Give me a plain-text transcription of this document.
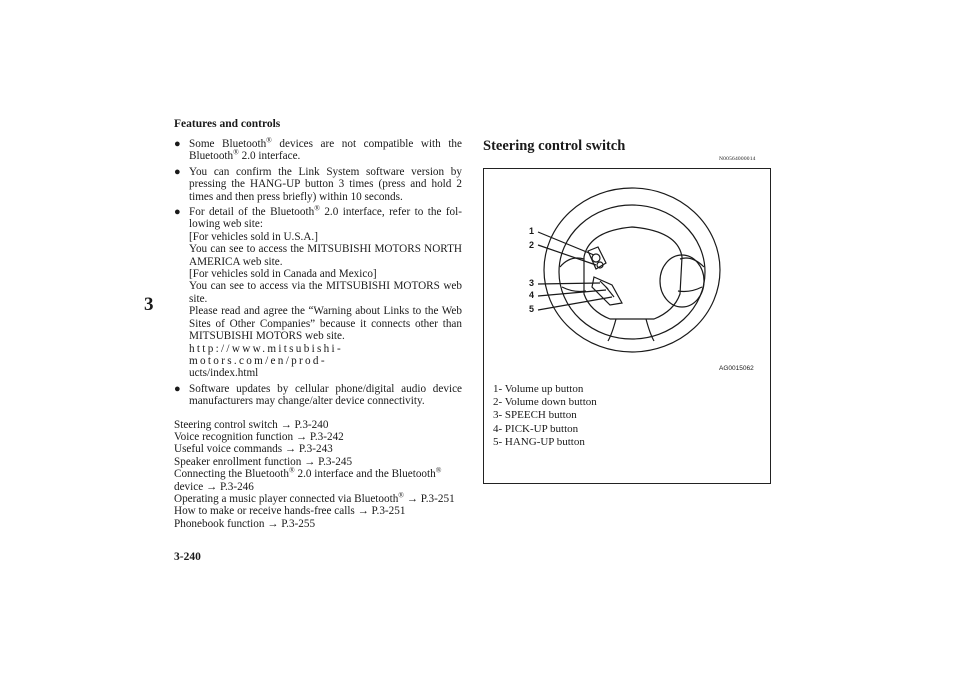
Features and controls
3
● Some Bluetooth® devices are not compatible with the Bluetooth® 2.0 interface.

● You can confirm the Link System software version by pressing the HANG-UP button 3 times (press and hold 2 times and then press briefly) within 10 seconds.

● For detail of the Bluetooth® 2.0 interface, refer to the fol-lowing web site:

[For vehicles sold in U.S.A.]

You can see to access the MITSUBISHI MOTORS NORTH AMERICA web site.

[For vehicles sold in Canada and Mexico]

You can see to access via the MITSUBISHI MOTORS web site.

Please read and agree the “Warning about Links to the Web Sites of Other Companies” because it connects other than MITSUBISHI MOTORS web site.

http://www.mitsubishi-motors.com/en/prod-

ucts/index.html

● Software updates by cellular phone/digital audio device manufacturers may change/alter device connectivity.

Steering control switch → P.3-240
Voice recognition function → P.3-242
Useful voice commands → P.3-243
Speaker enrollment function → P.3-245
Connecting the Bluetooth® 2.0 interface and the Bluetooth® device → P.3-246
Operating a music player connected via Bluetooth® → P.3-251
How to make or receive hands-free calls → P.3-251
Phonebook function → P.3-255
Steering control switch
N00564000014
1
2
3
4
5
AG0015062
1- Volume up button
2- Volume down button
3- SPEECH button
4- PICK-UP button
5- HANG-UP button
3-240
